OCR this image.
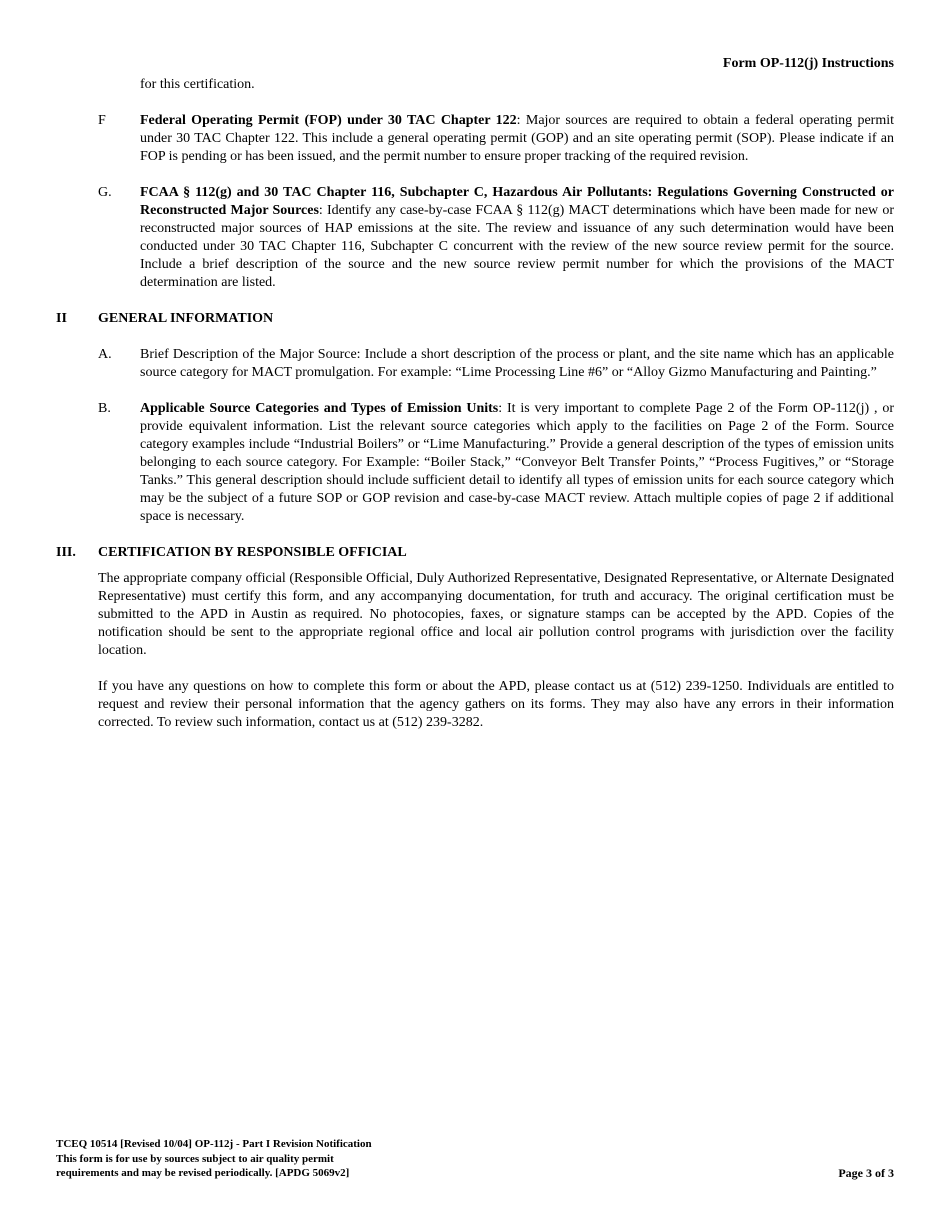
Form OP-112(j) Instructions
for this certification.
F Federal Operating Permit (FOP) under 30 TAC Chapter 122: Major sources are required to obtain a federal operating permit under 30 TAC Chapter 122. This include a general operating permit (GOP) and an site operating permit (SOP). Please indicate if an FOP is pending or has been issued, and the permit number to ensure proper tracking of the required revision.
G. FCAA § 112(g) and 30 TAC Chapter 116, Subchapter C, Hazardous Air Pollutants: Regulations Governing Constructed or Reconstructed Major Sources: Identify any case-by-case FCAA § 112(g) MACT determinations which have been made for new or reconstructed major sources of HAP emissions at the site. The review and issuance of any such determination would have been conducted under 30 TAC Chapter 116, Subchapter C concurrent with the review of the new source review permit for the source. Include a brief description of the source and the new source review permit number for which the provisions of the MACT determination are listed.
II GENERAL INFORMATION
A. Brief Description of the Major Source: Include a short description of the process or plant, and the site name which has an applicable source category for MACT promulgation. For example: “Lime Processing Line #6” or “Alloy Gizmo Manufacturing and Painting.”
B. Applicable Source Categories and Types of Emission Units: It is very important to complete Page 2 of the Form OP-112(j) , or provide equivalent information. List the relevant source categories which apply to the facilities on Page 2 of the Form. Source category examples include “Industrial Boilers” or “Lime Manufacturing.” Provide a general description of the types of emission units belonging to each source category. For Example: “Boiler Stack,” “Conveyor Belt Transfer Points,” “Process Fugitives,” or “Storage Tanks.” This general description should include sufficient detail to identify all types of emission units for each source category which may be the subject of a future SOP or GOP revision and case-by-case MACT review. Attach multiple copies of page 2 if additional space is necessary.
III. CERTIFICATION BY RESPONSIBLE OFFICIAL
The appropriate company official (Responsible Official, Duly Authorized Representative, Designated Representative, or Alternate Designated Representative) must certify this form, and any accompanying documentation, for truth and accuracy. The original certification must be submitted to the APD in Austin as required. No photocopies, faxes, or signature stamps can be accepted by the APD. Copies of the notification should be sent to the appropriate regional office and local air pollution control programs with jurisdiction over the facility location.
If you have any questions on how to complete this form or about the APD, please contact us at (512) 239-1250. Individuals are entitled to request and review their personal information that the agency gathers on its forms. They may also have any errors in their information corrected. To review such information, contact us at (512) 239-3282.
TCEQ 10514 [Revised 10/04] OP-112j - Part I Revision Notification
This form is for use by sources subject to air quality permit
requirements and may be revised periodically. [APDG 5069v2]	Page 3 of 3
